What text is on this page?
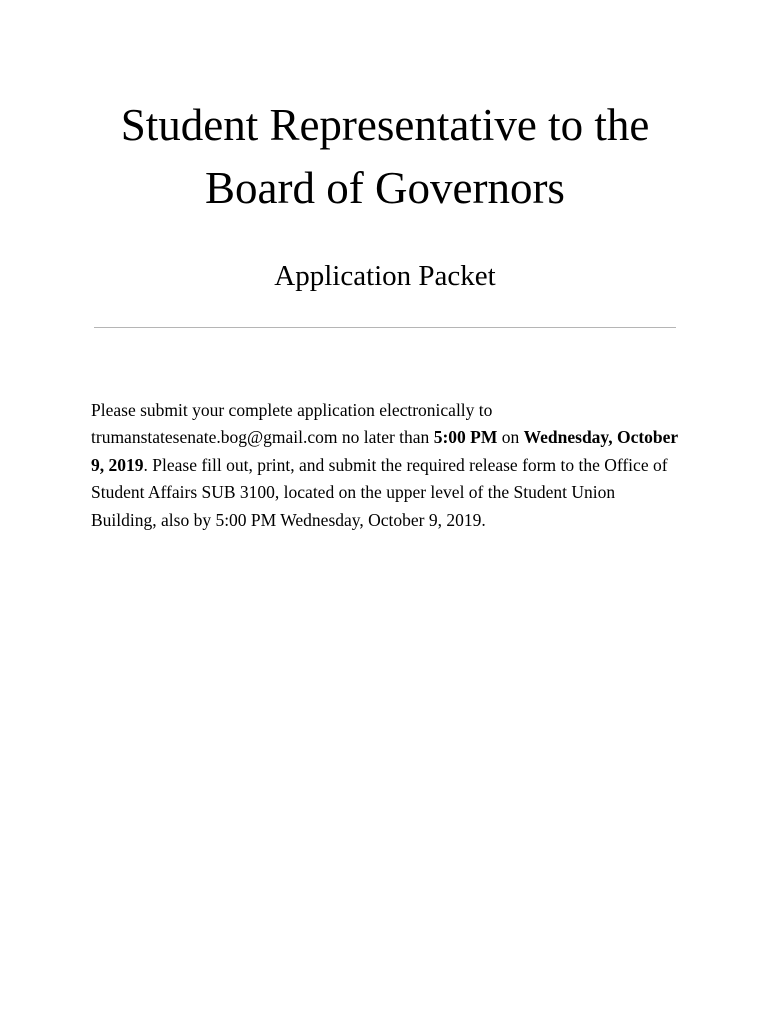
Student Representative to the
Board of Governors
Application Packet

Please submit your complete application electronically to trumanstatesenate.bog@gmail.com no later than 5:00 PM on Wednesday, October 9, 2019. Please fill out, print, and submit the required release form to the Office of Student Affairs SUB 3100, located on the upper level of the Student Union Building, also by 5:00 PM Wednesday, October 9, 2019.
